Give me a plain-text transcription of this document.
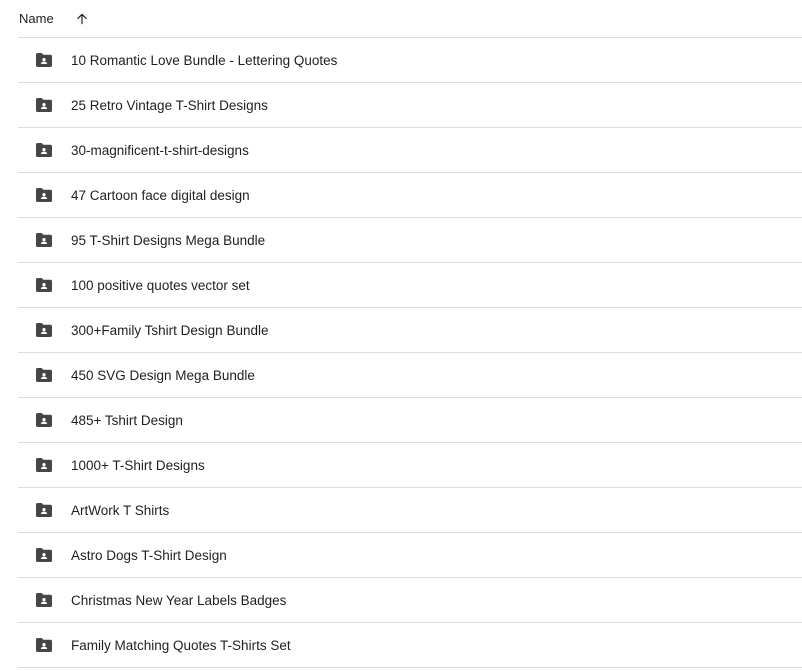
Name
10 Romantic Love Bundle - Lettering Quotes
25 Retro Vintage T-Shirt Designs
30-magnificent-t-shirt-designs
47 Cartoon face digital design
95 T-Shirt Designs Mega Bundle
100 positive quotes vector set
300+Family Tshirt Design Bundle
450 SVG Design Mega Bundle
485+ Tshirt Design
1000+ T-Shirt Designs
ArtWork T Shirts
Astro Dogs T-Shirt Design
Christmas New Year Labels Badges
Family Matching Quotes T-Shirts Set
